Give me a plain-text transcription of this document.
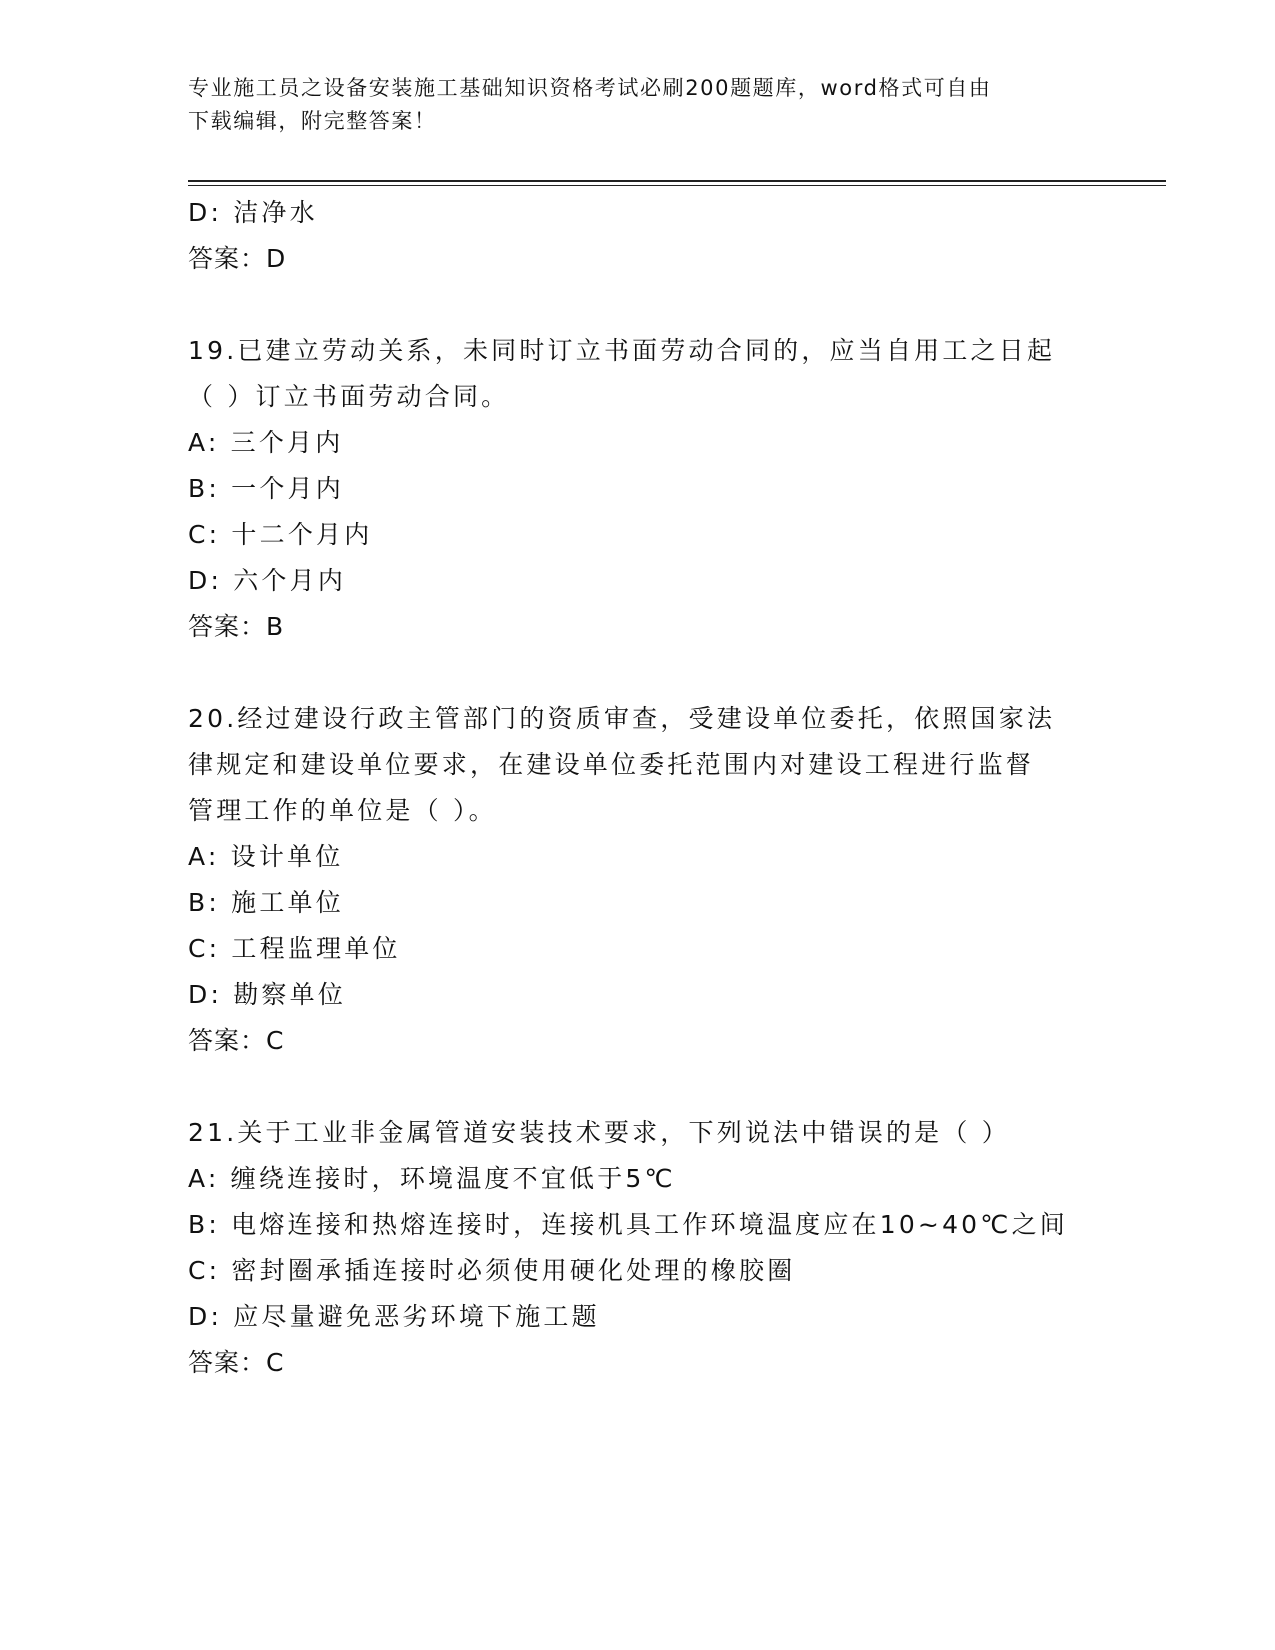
专业施工员之设备安装施工基础知识资格考试必刷200题题库，word格式可自由
下载编辑，附完整答案！
D: 洁净水
答案：D
19.已建立劳动关系，未同时订立书面劳动合同的，应当自用工之日起
（ ）订立书面劳动合同。
A: 三个月内
B: 一个月内
C: 十二个月内
D: 六个月内
答案：B
20.经过建设行政主管部门的资质审查，受建设单位委托，依照国家法
律规定和建设单位要求，在建设单位委托范围内对建设工程进行监督
管理工作的单位是（ ）。
A: 设计单位
B: 施工单位
C: 工程监理单位
D: 勘察单位
答案：C
21.关于工业非金属管道安装技术要求，下列说法中错误的是（ ）
A: 缠绕连接时，环境温度不宜低于5℃
B: 电熔连接和热熔连接时，连接机具工作环境温度应在10~40℃之间
C: 密封圈承插连接时必须使用硬化处理的橡胶圈
D: 应尽量避免恶劣环境下施工题
答案：C
